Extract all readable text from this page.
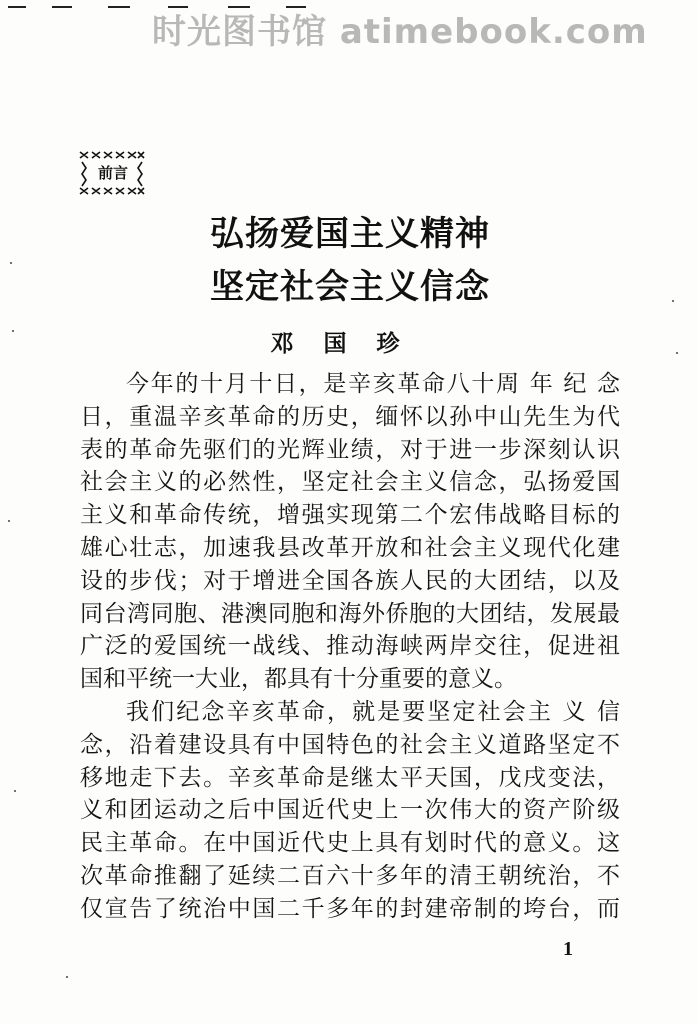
时光图书馆 atimebook.com
前言
弘扬爱国主义精神
坚定社会主义信念
邓国珍
今年的十月十日，是辛亥革命八十周 年 纪 念
日，重温辛亥革命的历史，缅怀以孙中山先生为代
表的革命先驱们的光辉业绩，对于进一步深刻认识
社会主义的必然性，坚定社会主义信念，弘扬爱国
主义和革命传统，增强实现第二个宏伟战略目标的
雄心壮志，加速我县改革开放和社会主义现代化建
设的步伐；对于增进全国各族人民的大团结，以及
同台湾同胞、港澳同胞和海外侨胞的大团结，发展最
广泛的爱国统一战线、推动海峡两岸交往，促进祖
国和平统一大业，都具有十分重要的意义。
我们纪念辛亥革命，就是要坚定社会主 义 信
念，沿着建设具有中国特色的社会主义道路坚定不
移地走下去。辛亥革命是继太平天国，戊戌变法，
义和团运动之后中国近代史上一次伟大的资产阶级
民主革命。在中国近代史上具有划时代的意义。这
次革命推翻了延续二百六十多年的清王朝统治，不
仅宣告了统治中国二千多年的封建帝制的垮台，而
1
